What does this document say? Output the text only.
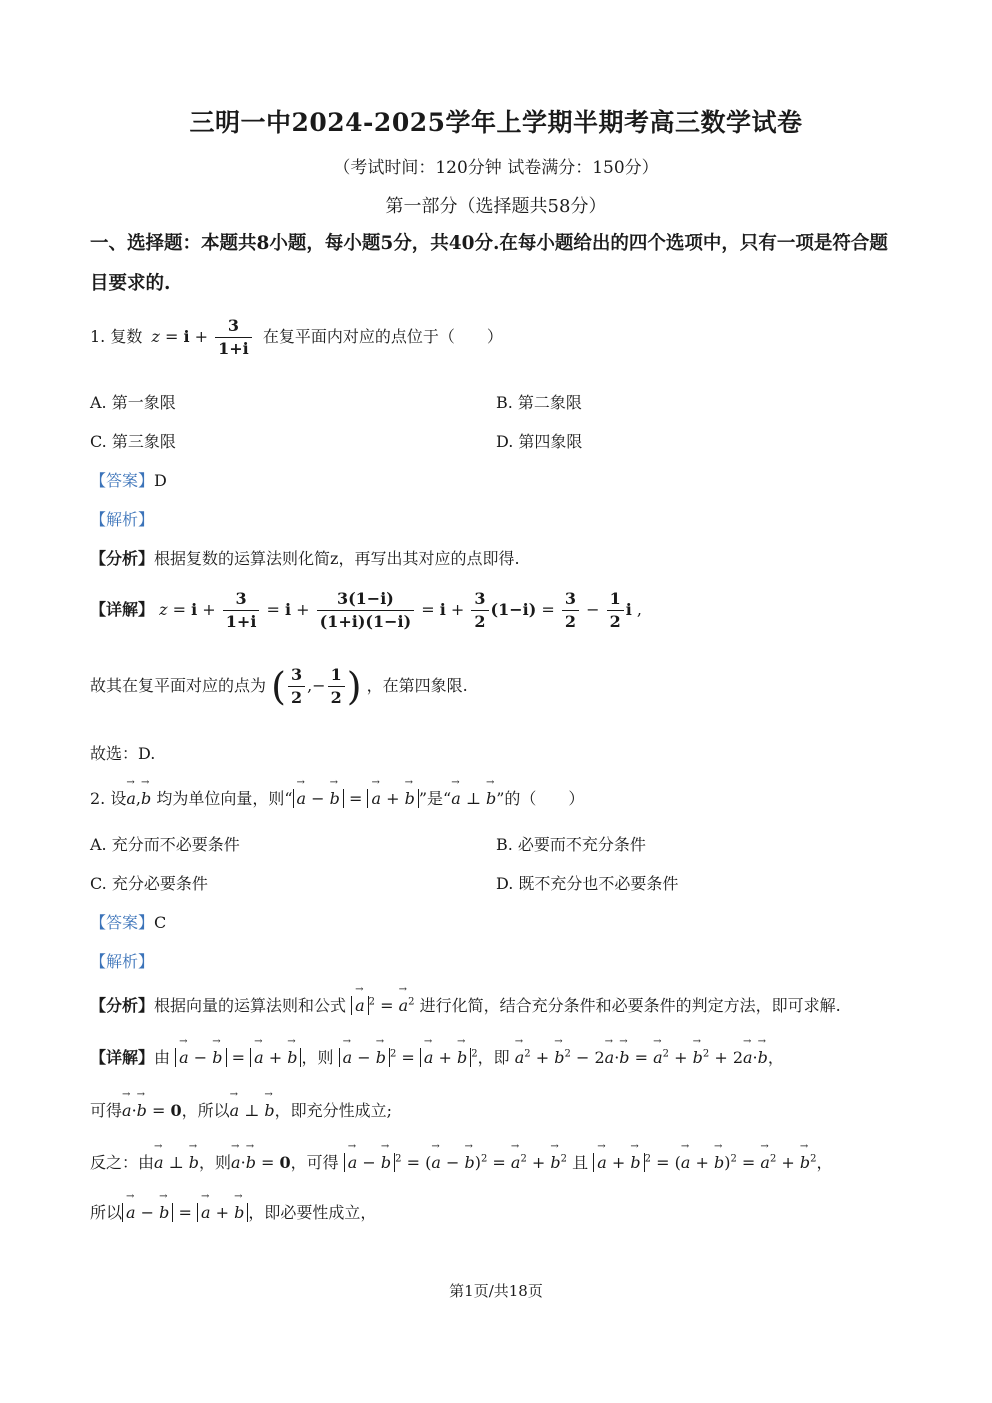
三明一中2024-2025学年上学期半期考高三数学试卷
（考试时间：120分钟 试卷满分：150分）
第一部分（选择题共58分）
一、选择题：本题共8小题，每小题5分，共40分.在每小题给出的四个选项中，只有一项是符合题目要求的.
1. 复数 $z = i + \frac{3}{1+i}$ 在复平面内对应的点位于（　　）
A. 第一象限	B. 第二象限
C. 第三象限	D. 第四象限
【答案】D
【解析】
【分析】根据复数的运算法则化简z，再写出其对应的点即得.
【详解】 $z = i + \frac{3}{1+i} = i + \frac{3(1-i)}{(1+i)(1-i)} = i + \frac{3}{2} (1-i) = \frac{3}{2} - \frac{1}{2}$ i ,
故其在复平面对应的点为 ( $\frac{3}{2}$ ,− $\frac{1}{2}$ ) ，在第四象限.
故选：D.
2. 设→ a,→ b 均为单位向量，则“ → a − → b = → a + → b ”是“→ a ⊥ → b”的（　　）
A. 充分而不必要条件	B. 必要而不充分条件
C. 充分必要条件	D. 既不充分也不必要条件
【答案】C
【解析】
【分析】根据向量的运算法则和公式 → a $^2$ = → $a^2$ 进行化简，结合充分条件和必要条件的判定方法，即可求解.
【详解】由 → a − → b = → a + → b ，则 → a − → b $^2$ = → a + → b $^2$，即 → $a^2$ + → $b^2 - 2\to a\cdot\to b$ = → $a^2$ + → $b^2 + 2\to a\cdot\to b$，
可得→ a·→ b = 0，所以→ a ⊥ → b，即充分性成立;
反之：由→ a ⊥ → b，则→ a·→ b = 0，可得 → a − → b $^2$ = (→ a − → b)$^2$ = → $a^2$ + → $b^2$ 且 → a + → b $^2$ = (→ a + → b)$^2$ = → $a^2$ + → $b^2$，
所以 → a − → b = → a + → b ，即必要性成立，
第1页/共18页
